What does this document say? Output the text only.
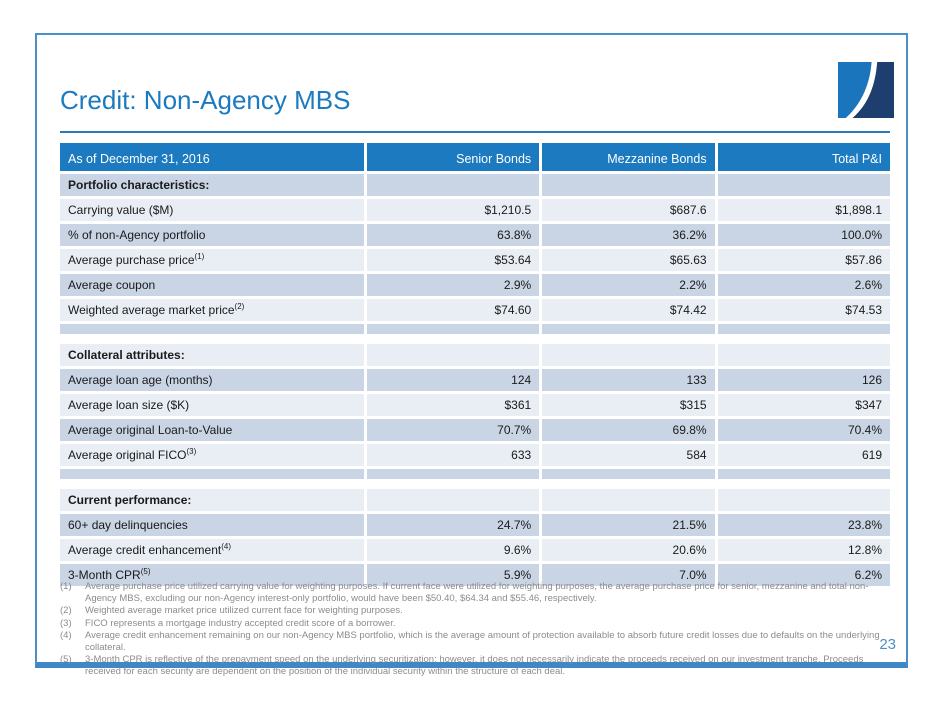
Credit: Non-Agency MBS
As of December 31, 2016	Senior Bonds	Mezzanine Bonds	Total P&I
Portfolio characteristics:			
Carrying value ($M)	$1,210.5	$687.6	$1,898.1
% of non-Agency portfolio	63.8%	36.2%	100.0%
Average purchase price$^{(1)}$	$53.64	$65.63	$57.86
Average coupon	2.9%	2.2%	2.6%
Weighted average market price$^{(2)}$	$74.60	$74.42	$74.53

Collateral attributes:			
Average loan age (months)	124	133	126
Average loan size ($K)	$361	$315	$347
Average original Loan-to-Value	70.7%	69.8%	70.4%
Average original FICO$^{(3)}$	633	584	619

Current performance:			
60+ day delinquencies	24.7%	21.5%	23.8%
Average credit enhancement$^{(4)}$	9.6%	20.6%	12.8%
3-Month CPR$^{(5)}$	5.9%	7.0%	6.2%
(1)	Average purchase price utilized carrying value for weighting purposes. If current face were utilized for weighting purposes, the average purchase price for senior, mezzanine and total non-Agency MBS, excluding our non-Agency interest-only portfolio, would have been $50.40, $64.34 and $55.46, respectively.
(2)	Weighted average market price utilized current face for weighting purposes.
(3)	FICO represents a mortgage industry accepted credit score of a borrower.
(4)	Average credit enhancement remaining on our non-Agency MBS portfolio, which is the average amount of protection available to absorb future credit losses due to defaults on the underlying collateral.
(5)	3-Month CPR is reflective of the prepayment speed on the underlying securitization; however, it does not necessarily indicate the proceeds received on our investment tranche. Proceeds received for each security are dependent on the position of the individual security within the structure of each deal.
23
